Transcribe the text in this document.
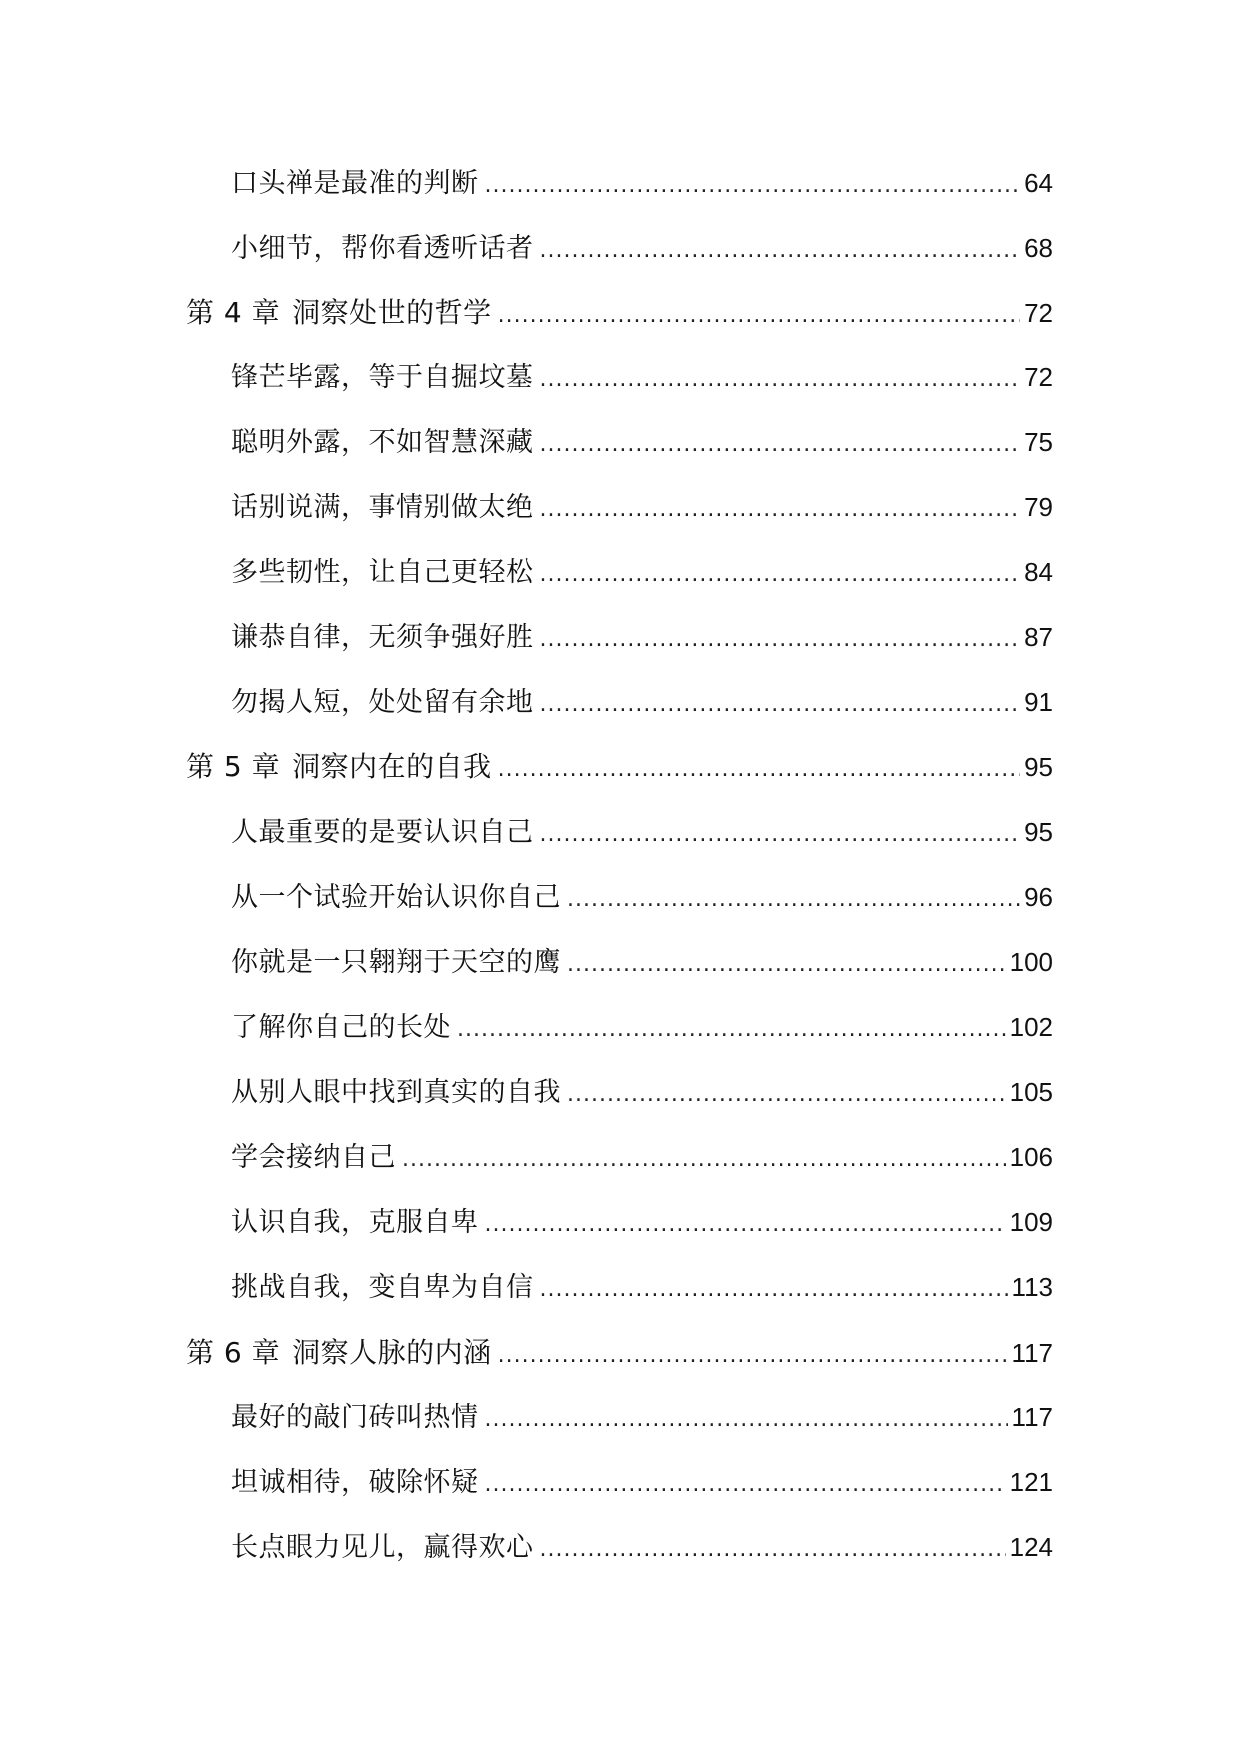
口头禅是最准的判断 .....	64
小细节，帮你看透听话者 .....	68
第 4 章 洞察处世的哲学 .....	72
锋芒毕露，等于自掘坟墓 .....	72
聪明外露，不如智慧深藏 .....	75
话别说满，事情别做太绝 .....	79
多些韧性，让自己更轻松 .....	84
谦恭自律，无须争强好胜 .....	87
勿揭人短，处处留有余地 .....	91
第 5 章 洞察内在的自我 .....	95
人最重要的是要认识自己 .....	95
从一个试验开始认识你自己 .....	96
你就是一只翱翔于天空的鹰 .....	100
了解你自己的长处 .....	102
从别人眼中找到真实的自我 .....	105
学会接纳自己 .....	106
认识自我，克服自卑 .....	109
挑战自我，变自卑为自信 .....	113
第 6 章 洞察人脉的内涵 .....	117
最好的敲门砖叫热情 .....	117
坦诚相待，破除怀疑 .....	121
长点眼力见儿，赢得欢心 .....	124
